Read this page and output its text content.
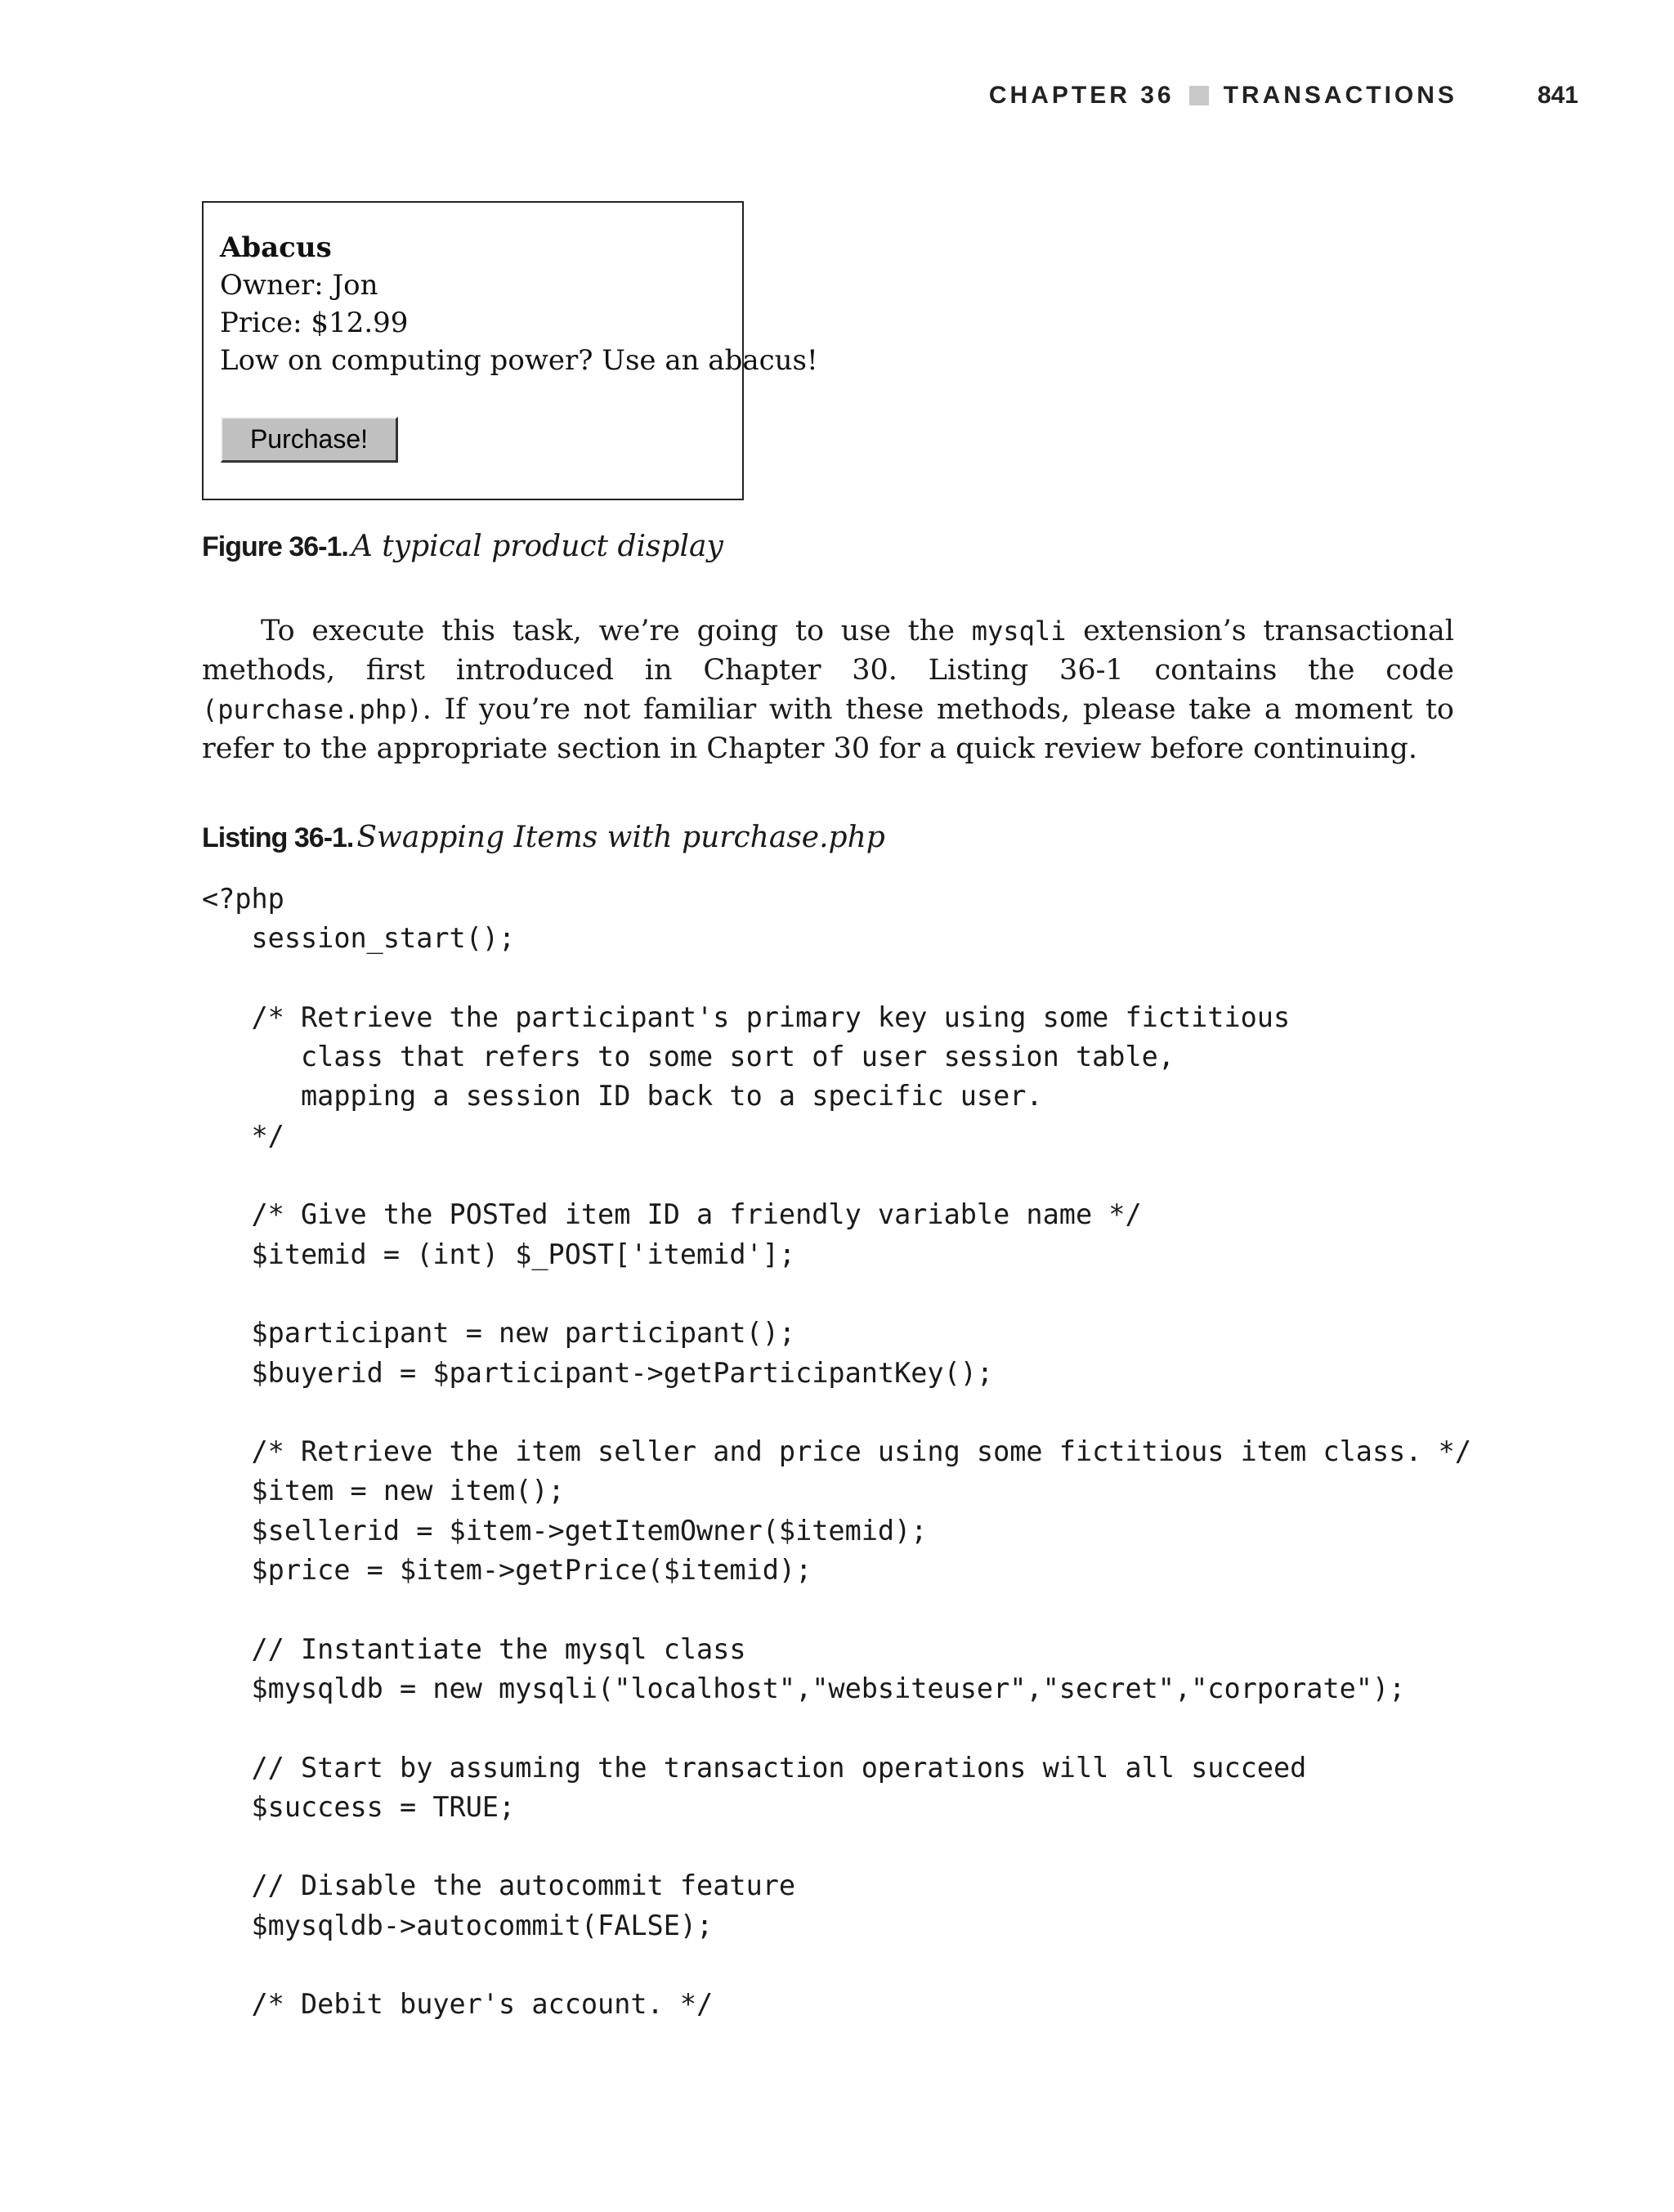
CHAPTER 36 TRANSACTIONS	841
Abacus
Owner: Jon
Price: $12.99
Low on computing power? Use an abacus!
Purchase!
Figure 36-1. A typical product display

To execute this task, we’re going to use the mysqli extension’s transactional methods, first introduced in Chapter 30. Listing 36-1 contains the code (purchase.php). If you’re not familiar with these methods, please take a moment to refer to the appropriate section in Chapter 30 for a quick review before continuing.

Listing 36-1. Swapping Items with purchase.php
<?php
session_start();
/* Retrieve the participant's primary key using some fictitious
class that refers to some sort of user session table,
mapping a session ID back to a specific user.
*/
/* Give the POSTed item ID a friendly variable name */
$itemid = (int) $_POST['itemid'];
$participant = new participant();
$buyerid = $participant->getParticipantKey();
/* Retrieve the item seller and price using some fictitious item class. */
$item = new item();
$sellerid = $item->getItemOwner($itemid);
$price = $item->getPrice($itemid);
// Instantiate the mysql class
$mysqldb = new mysqli("localhost","websiteuser","secret","corporate");
// Start by assuming the transaction operations will all succeed
$success = TRUE;
// Disable the autocommit feature
$mysqldb->autocommit(FALSE);
/* Debit buyer's account. */
